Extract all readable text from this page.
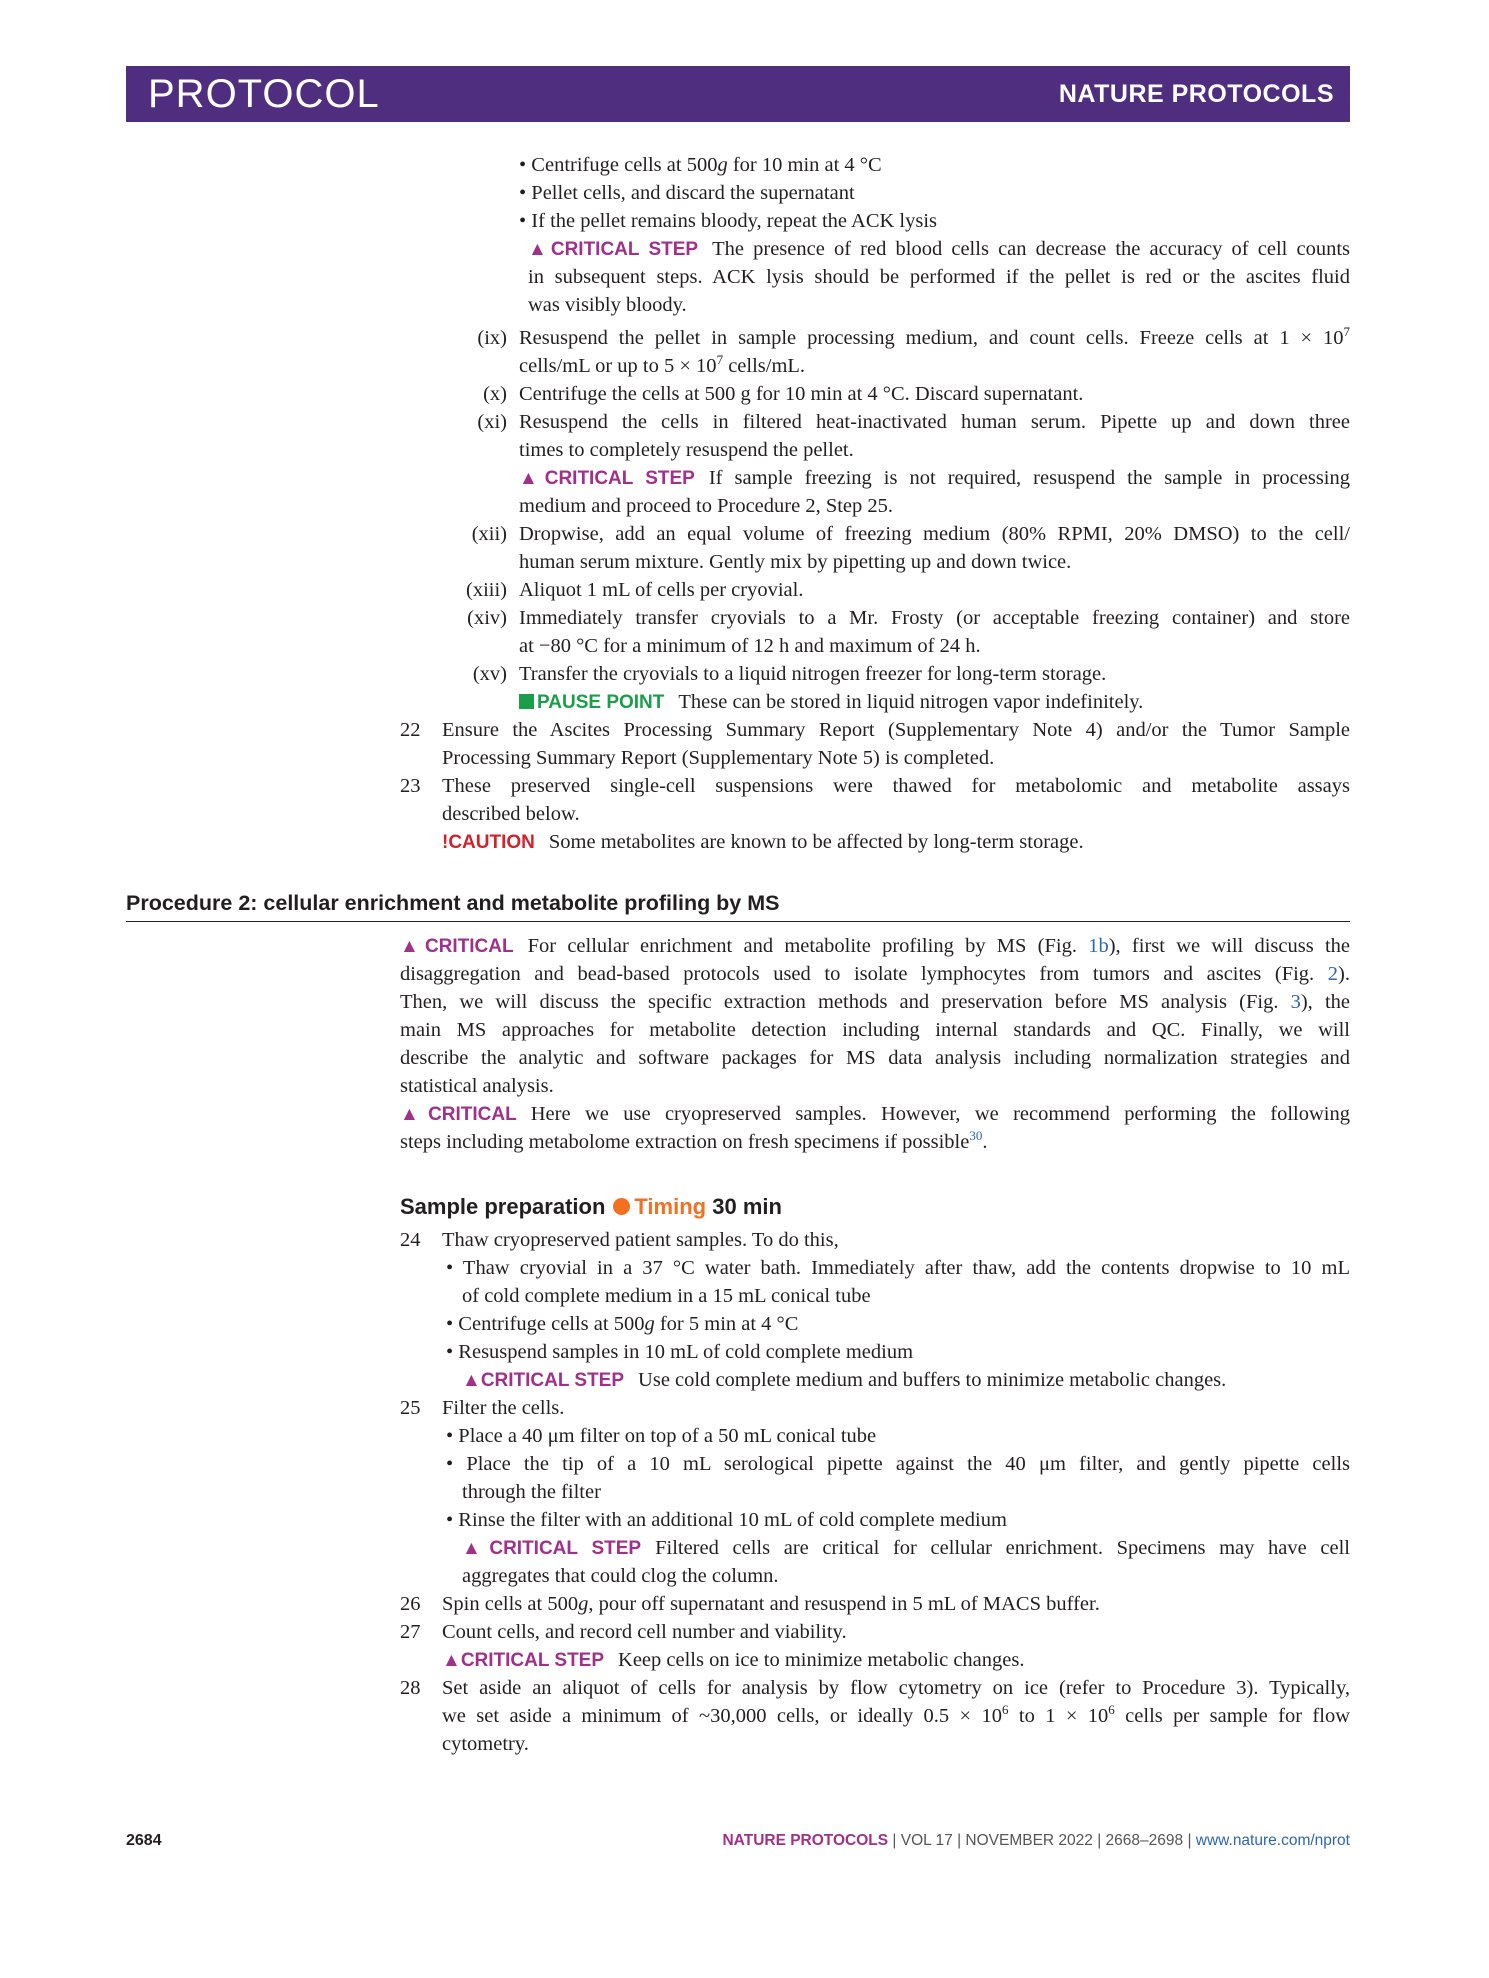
PROTOCOL	NATURE PROTOCOLS
• Centrifuge cells at 500g for 10 min at 4 °C
• Pellet cells, and discard the supernatant
• If the pellet remains bloody, repeat the ACK lysis
▲CRITICAL STEP The presence of red blood cells can decrease the accuracy of cell counts
in subsequent steps. ACK lysis should be performed if the pellet is red or the ascites fluid
was visibly bloody.
(ix) Resuspend the pellet in sample processing medium, and count cells. Freeze cells at $1 \times 10^7$
cells/mL or up to $5 \times 10^7$ cells/mL.
(x) Centrifuge the cells at 500 g for 10 min at 4 °C. Discard supernatant.
(xi) Resuspend the cells in filtered heat-inactivated human serum. Pipette up and down three
times to completely resuspend the pellet.
▲CRITICAL STEP If sample freezing is not required, resuspend the sample in processing
medium and proceed to Procedure 2, Step 25.
(xii) Dropwise, add an equal volume of freezing medium (80% RPMI, 20% DMSO) to the cell/
human serum mixture. Gently mix by pipetting up and down twice.
(xiii) Aliquot 1 mL of cells per cryovial.
(xiv) Immediately transfer cryovials to a Mr. Frosty (or acceptable freezing container) and store
at −80 °C for a minimum of 12 h and maximum of 24 h.
(xv) Transfer the cryovials to a liquid nitrogen freezer for long-term storage.
PAUSE POINT These can be stored in liquid nitrogen vapor indefinitely.
22 Ensure the Ascites Processing Summary Report (Supplementary Note 4) and/or the Tumor Sample
Processing Summary Report (Supplementary Note 5) is completed.
23 These preserved single-cell suspensions were thawed for metabolomic and metabolite assays
described below.
!CAUTION Some metabolites are known to be affected by long-term storage.
Procedure 2: cellular enrichment and metabolite profiling by MS
▲CRITICAL For cellular enrichment and metabolite profiling by MS (Fig. 1b), first we will discuss the
disaggregation and bead-based protocols used to isolate lymphocytes from tumors and ascites (Fig. 2).
Then, we will discuss the specific extraction methods and preservation before MS analysis (Fig. 3), the
main MS approaches for metabolite detection including internal standards and QC. Finally, we will
describe the analytic and software packages for MS data analysis including normalization strategies and
statistical analysis.
▲CRITICAL Here we use cryopreserved samples. However, we recommend performing the following
steps including metabolome extraction on fresh specimens if possible$^{30}$.
Sample preparation Timing 30 min
24 Thaw cryopreserved patient samples. To do this,
• Thaw cryovial in a 37 °C water bath. Immediately after thaw, add the contents dropwise to 10 mL
of cold complete medium in a 15 mL conical tube
• Centrifuge cells at 500g for 5 min at 4 °C
• Resuspend samples in 10 mL of cold complete medium
▲CRITICAL STEP Use cold complete medium and buffers to minimize metabolic changes.
25 Filter the cells.
• Place a 40 μm filter on top of a 50 mL conical tube
• Place the tip of a 10 mL serological pipette against the 40 μm filter, and gently pipette cells
through the filter
• Rinse the filter with an additional 10 mL of cold complete medium
▲CRITICAL STEP Filtered cells are critical for cellular enrichment. Specimens may have cell
aggregates that could clog the column.
26 Spin cells at 500g, pour off supernatant and resuspend in 5 mL of MACS buffer.
27 Count cells, and record cell number and viability.
▲CRITICAL STEP Keep cells on ice to minimize metabolic changes.
28 Set aside an aliquot of cells for analysis by flow cytometry on ice (refer to Procedure 3). Typically,
we set aside a minimum of ~30,000 cells, or ideally $0.5 \times 10^6$ to $1 \times 10^6$ cells per sample for flow
cytometry.
2684	NATURE PROTOCOLS | VOL 17 | NOVEMBER 2022 | 2668–2698 | www.nature.com/nprot
